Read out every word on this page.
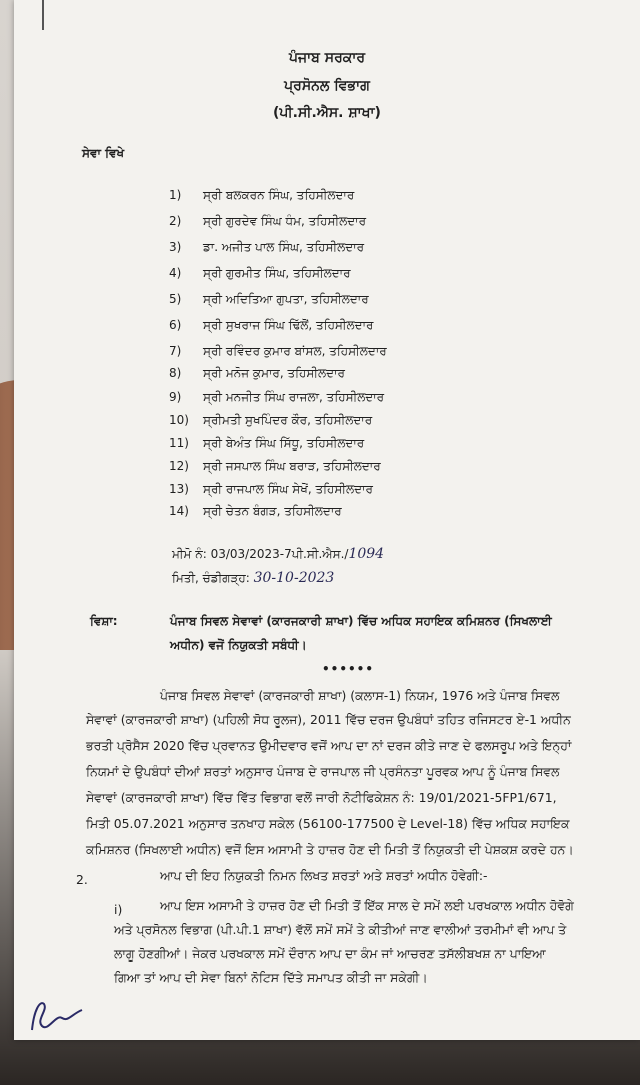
ਪੰਜਾਬ ਸਰਕਾਰ
ਪ੍ਰਸੋਨਲ ਵਿਭਾਗ
(ਪੀ.ਸੀ.ਐਸ. ਸ਼ਾਖਾ)
ਸੇਵਾ ਵਿਖੇ
1) ਸ੍ਰੀ ਬਲਕਰਨ ਸਿੰਘ, ਤਹਿਸੀਲਦਾਰ
2) ਸ੍ਰੀ ਗੁਰਦੇਵ ਸਿੰਘ ਧੰਮ, ਤਹਿਸੀਲਦਾਰ
3) ਡਾ. ਅਜੀਤ ਪਾਲ ਸਿੰਘ, ਤਹਿਸੀਲਦਾਰ
4) ਸ੍ਰੀ ਗੁਰਮੀਤ ਸਿੰਘ, ਤਹਿਸੀਲਦਾਰ
5) ਸ੍ਰੀ ਅਦਿਤਿਆ ਗੁਪਤਾ, ਤਹਿਸੀਲਦਾਰ
6) ਸ੍ਰੀ ਸੁਖਰਾਜ ਸਿੰਘ ਢਿੱਲੋਂ, ਤਹਿਸੀਲਦਾਰ
7) ਸ੍ਰੀ ਰਵਿੰਦਰ ਕੁਮਾਰ ਬਾਂਸਲ, ਤਹਿਸੀਲਦਾਰ
8) ਸ੍ਰੀ ਮਨੋਜ ਕੁਮਾਰ, ਤਹਿਸੀਲਦਾਰ
9) ਸ੍ਰੀ ਮਨਜੀਤ ਸਿੰਘ ਰਾਜਲਾ, ਤਹਿਸੀਲਦਾਰ
10) ਸ੍ਰੀਮਤੀ ਸੁਖਪਿੰਦਰ ਕੌਰ, ਤਹਿਸੀਲਦਾਰ
11) ਸ੍ਰੀ ਬੇਅੰਤ ਸਿੰਘ ਸਿੱਧੂ, ਤਹਿਸੀਲਦਾਰ
12) ਸ੍ਰੀ ਜਸਪਾਲ ਸਿੰਘ ਬਰਾੜ, ਤਹਿਸੀਲਦਾਰ
13) ਸ੍ਰੀ ਰਾਜਪਾਲ ਸਿੰਘ ਸੇਖੋਂ, ਤਹਿਸੀਲਦਾਰ
14) ਸ੍ਰੀ ਚੇਤਨ ਬੰਗੜ, ਤਹਿਸੀਲਦਾਰ
ਮੀਮੋ ਨੰ: 03/03/2023-7ਪੀ.ਸੀ.ਐਸ./1094
ਮਿਤੀ, ਚੰਡੀਗੜ੍ਹ: 30-10-2023
ਵਿਸ਼ਾ:	ਪੰਜਾਬ ਸਿਵਲ ਸੇਵਾਵਾਂ (ਕਾਰਜਕਾਰੀ ਸ਼ਾਖਾ) ਵਿੱਚ ਅਧਿਕ ਸਹਾਇਕ ਕਮਿਸ਼ਨਰ (ਸਿਖਲਾਈ
ਅਧੀਨ) ਵਜੋਂ ਨਿਯੁਕਤੀ ਸਬੰਧੀ।
••••••
ਪੰਜਾਬ ਸਿਵਲ ਸੇਵਾਵਾਂ (ਕਾਰਜਕਾਰੀ ਸ਼ਾਖਾ) (ਕਲਾਸ-1) ਨਿਯਮ, 1976 ਅਤੇ ਪੰਜਾਬ ਸਿਵਲ
ਸੇਵਾਵਾਂ (ਕਾਰਜਕਾਰੀ ਸ਼ਾਖਾ) (ਪਹਿਲੀ ਸੋਧ ਰੂਲਜ), 2011 ਵਿੱਚ ਦਰਜ ਉਪਬੰਧਾਂ ਤਹਿਤ ਰਜਿਸਟਰ ਏ-1 ਅਧੀਨ
ਭਰਤੀ ਪ੍ਰੋਸੈਸ 2020 ਵਿੱਚ ਪ੍ਰਵਾਨਤ ਉਮੀਦਵਾਰ ਵਜੋਂ ਆਪ ਦਾ ਨਾਂ ਦਰਜ ਕੀਤੇ ਜਾਣ ਦੇ ਫਲਸਰੂਪ ਅਤੇ ਇਨ੍ਹਾਂ
ਨਿਯਮਾਂ ਦੇ ਉਪਬੰਧਾਂ ਦੀਆਂ ਸ਼ਰਤਾਂ ਅਨੁਸਾਰ ਪੰਜਾਬ ਦੇ ਰਾਜਪਾਲ ਜੀ ਪ੍ਰਸੰਨਤਾ ਪੂਰਵਕ ਆਪ ਨੂੰ ਪੰਜਾਬ ਸਿਵਲ
ਸੇਵਾਵਾਂ (ਕਾਰਜਕਾਰੀ ਸ਼ਾਖਾ) ਵਿੱਚ ਵਿੱਤ ਵਿਭਾਗ ਵਲੋਂ ਜਾਰੀ ਨੋਟੀਫਿਕੇਸ਼ਨ ਨੰ: 19/01/2021-5FP1/671,
ਮਿਤੀ 05.07.2021 ਅਨੁਸਾਰ ਤਨਖਾਹ ਸਕੇਲ (56100-177500 ਦੇ Level-18) ਵਿੱਚ ਅਧਿਕ ਸਹਾਇਕ
ਕਮਿਸ਼ਨਰ (ਸਿਖਲਾਈ ਅਧੀਨ) ਵਜੋਂ ਇਸ ਅਸਾਮੀ ਤੇ ਹਾਜ਼ਰ ਹੋਣ ਦੀ ਮਿਤੀ ਤੋਂ ਨਿਯੁਕਤੀ ਦੀ ਪੇਸ਼ਕਸ਼ ਕਰਦੇ ਹਨ।
2.	ਆਪ ਦੀ ਇਹ ਨਿਯੁਕਤੀ ਨਿਮਨ ਲਿਖਤ ਸ਼ਰਤਾਂ ਅਤੇ ਸ਼ਰਤਾਂ ਅਧੀਨ ਹੋਵੇਗੀ:-
i)	ਆਪ ਇਸ ਅਸਾਮੀ ਤੇ ਹਾਜ਼ਰ ਹੋਣ ਦੀ ਮਿਤੀ ਤੋਂ ਇੱਕ ਸਾਲ ਦੇ ਸਮੇਂ ਲਈ ਪਰਖਕਾਲ ਅਧੀਨ ਹੋਵੋਗੇ
ਅਤੇ ਪ੍ਰਸੋਨਲ ਵਿਭਾਗ (ਪੀ.ਪੀ.1 ਸ਼ਾਖਾ) ਵੱਲੋਂ ਸਮੇਂ ਸਮੇਂ ਤੇ ਕੀਤੀਆਂ ਜਾਣ ਵਾਲੀਆਂ ਤਰਮੀਮਾਂ ਵੀ ਆਪ ਤੇ
ਲਾਗੂ ਹੋਣਗੀਆਂ। ਜੇਕਰ ਪਰਖਕਾਲ ਸਮੇਂ ਦੌਰਾਨ ਆਪ ਦਾ ਕੰਮ ਜਾਂ ਆਚਰਣ ਤਸੱਲੀਬਖਸ਼ ਨਾ ਪਾਇਆ
ਗਿਆ ਤਾਂ ਆਪ ਦੀ ਸੇਵਾ ਬਿਨਾਂ ਨੋਟਿਸ ਦਿੱਤੇ ਸਮਾਪਤ ਕੀਤੀ ਜਾ ਸਕੇਗੀ।
